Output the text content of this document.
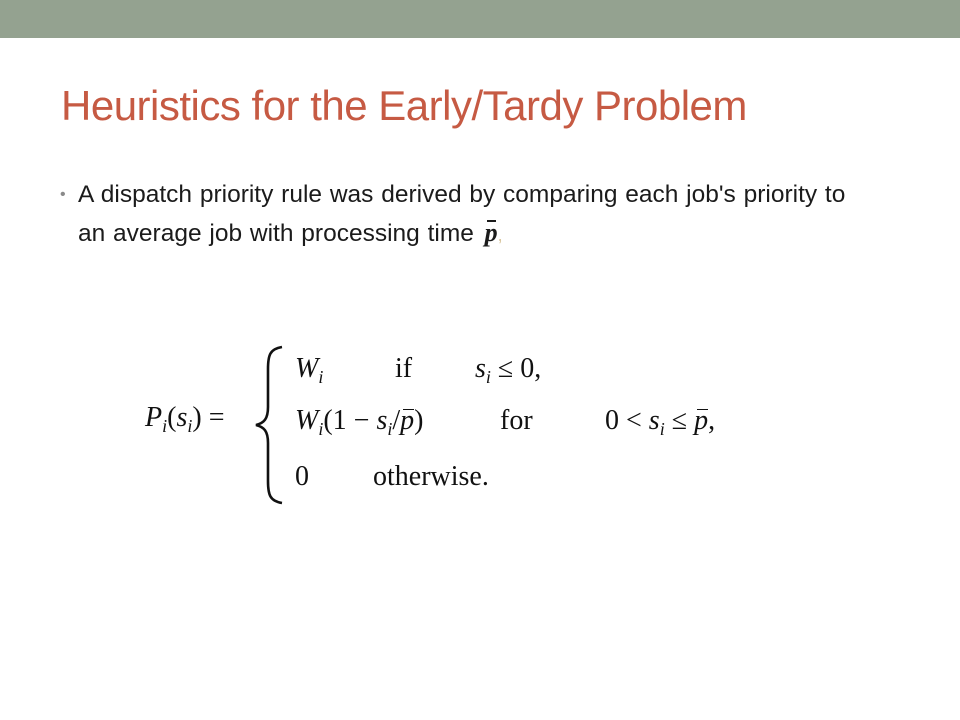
Heuristics for the Early/Tardy Problem
• A dispatch priority rule was derived by comparing each job's priority to an average job with processing time p,
$P_i(s_i)$ =
$W_i$	if $s_i \le 0$,
$W_i(1 - s_i/p)$	for	$0 < s_i \le p$,
0 otherwise.
